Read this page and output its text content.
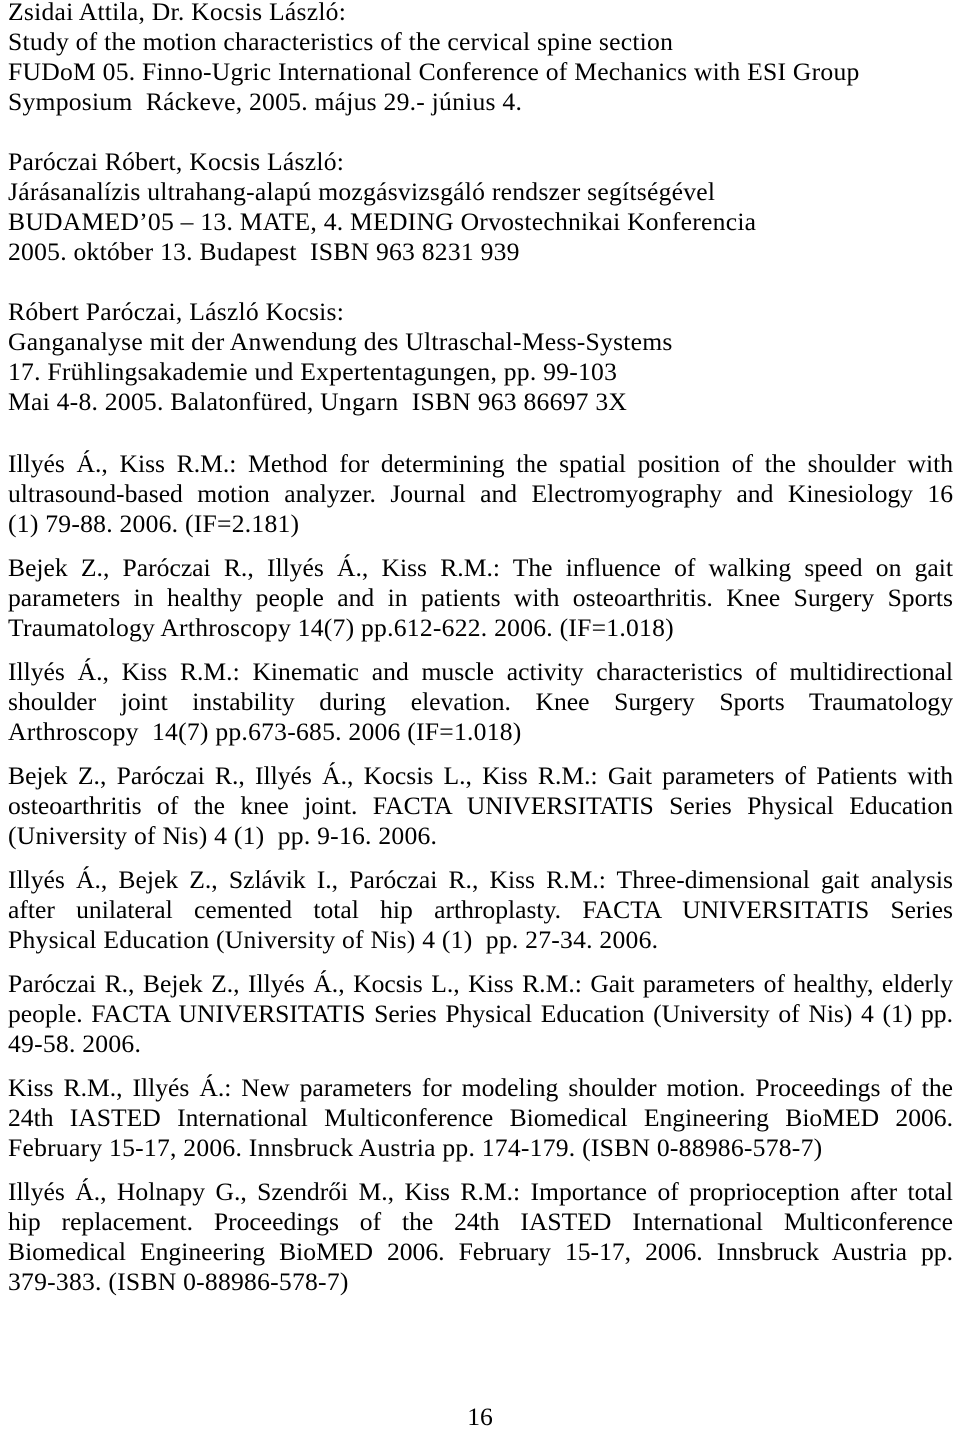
Zsidai Attila, Dr. Kocsis László:
Study of the motion characteristics of the cervical spine section
FUDoM 05. Finno-Ugric International Conference of Mechanics with ESI Group
Symposium  Ráckeve, 2005. május 29.- június 4.
Paróczai Róbert, Kocsis László:
Járásanalízis ultrahang-alapú mozgásvizsgáló rendszer segítségével
BUDAMED’05 – 13. MATE, 4. MEDING Orvostechnikai Konferencia
2005. október 13. Budapest  ISBN 963 8231 939
Róbert Paróczai, László Kocsis:
Ganganalyse mit der Anwendung des Ultraschal-Mess-Systems
17. Frühlingsakademie und Expertentagungen, pp. 99-103
Mai 4-8. 2005. Balatonfüred, Ungarn  ISBN 963 86697 3X
Illyés Á., Kiss R.M.: Method for determining the spatial position of the shoulder with
ultrasound-based motion analyzer. Journal and Electromyography and Kinesiology 16
(1) 79-88. 2006. (IF=2.181)
Bejek Z., Paróczai R., Illyés Á., Kiss R.M.: The influence of walking speed on gait
parameters in healthy people and in patients with osteoarthritis. Knee Surgery Sports
Traumatology Arthroscopy 14(7) pp.612-622. 2006. (IF=1.018)
Illyés Á., Kiss R.M.: Kinematic and muscle activity characteristics of multidirectional
shoulder joint instability during elevation. Knee Surgery Sports Traumatology
Arthroscopy  14(7) pp.673-685. 2006 (IF=1.018)
Bejek Z., Paróczai R., Illyés Á., Kocsis L., Kiss R.M.: Gait parameters of Patients with
osteoarthritis of the knee joint. FACTA UNIVERSITATIS Series Physical Education
(University of Nis) 4 (1)  pp. 9-16. 2006.
Illyés Á., Bejek Z., Szlávik I., Paróczai R., Kiss R.M.: Three-dimensional gait analysis
after unilateral cemented total hip arthroplasty. FACTA UNIVERSITATIS Series
Physical Education (University of Nis) 4 (1)  pp. 27-34. 2006.
Paróczai R., Bejek Z., Illyés Á., Kocsis L., Kiss R.M.: Gait parameters of healthy, elderly
people. FACTA UNIVERSITATIS Series Physical Education (University of Nis) 4 (1) pp.
49-58. 2006.
Kiss R.M., Illyés Á.: New parameters for modeling shoulder motion. Proceedings of the
24th IASTED International Multiconference Biomedical Engineering BioMED 2006.
February 15-17, 2006. Innsbruck Austria pp. 174-179. (ISBN 0-88986-578-7)
Illyés Á., Holnapy G., Szendrői M., Kiss R.M.: Importance of proprioception after total
hip replacement. Proceedings of the 24th IASTED International Multiconference
Biomedical Engineering BioMED 2006. February 15-17, 2006. Innsbruck Austria pp.
379-383. (ISBN 0-88986-578-7)
16
